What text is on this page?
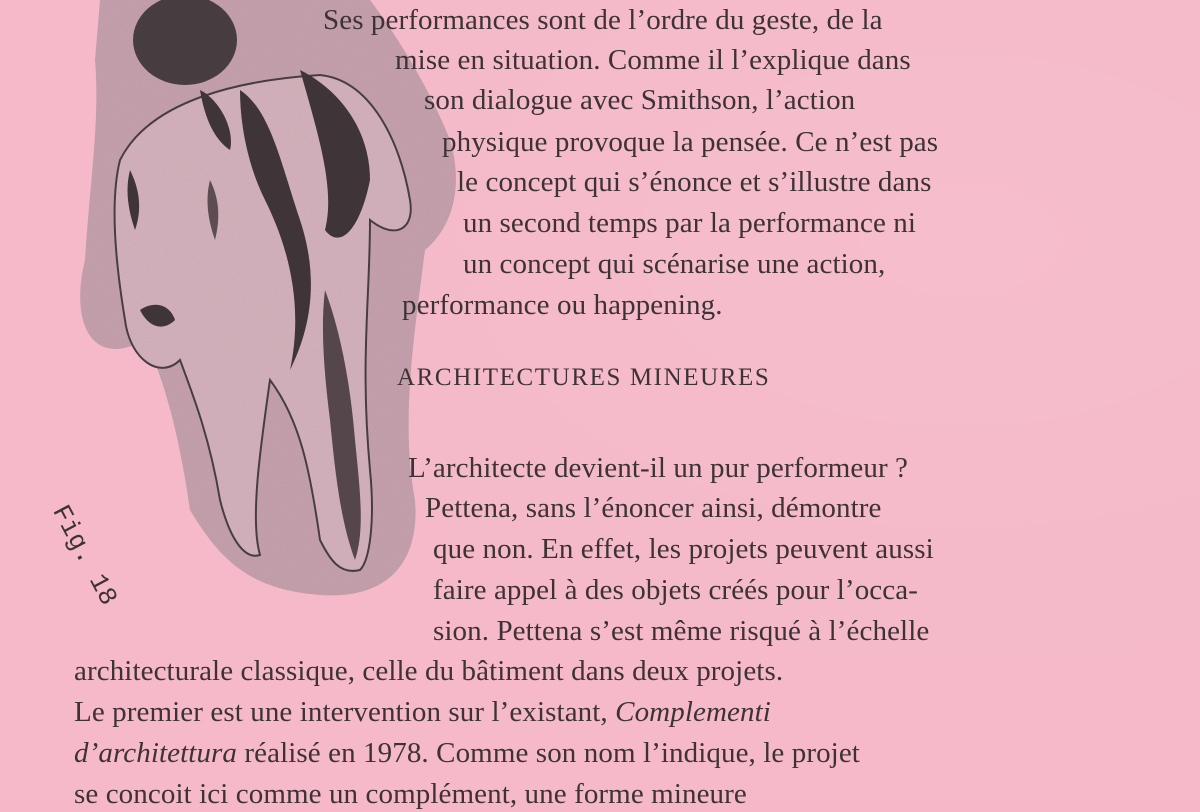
Fig. 18
Ses performances sont de l’ordre du geste, de la
mise en situation. Comme il l’explique dans
son dialogue avec Smithson, l’action
physique provoque la pensée. Ce n’est pas
le concept qui s’énonce et s’illustre dans
un second temps par la performance ni
un concept qui scénarise une action,
performance ou happening.
ARCHITECTURES MINEURES
L’architecte devient-il un pur performeur ?
Pettena, sans l’énoncer ainsi, démontre
que non. En effet, les projets peuvent aussi
faire appel à des objets créés pour l’occa-
sion. Pettena s’est même risqué à l’échelle
architecturale classique, celle du bâtiment dans deux projets.
Le premier est une intervention sur l’existant, Complementi
d’architettura réalisé en 1978. Comme son nom l’indique, le projet
se concoit ici comme un complément, une forme mineure
